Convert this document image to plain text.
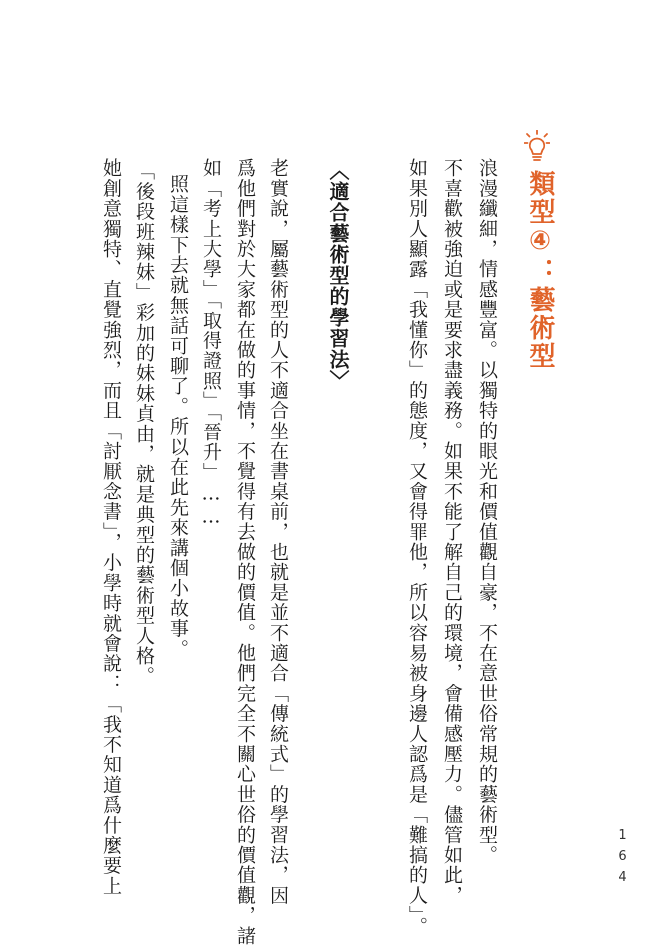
類型④：藝術型
浪漫纖細，情感豐富。以獨特的眼光和價值觀自豪，不在意世俗常規的藝術型。
不喜歡被強迫或是要求盡義務。如果不能了解自己的環境，會備感壓力。儘管如此，
如果別人顯露「我懂你」的態度，又會得罪他，所以容易被身邊人認爲是「難搞的人」。
〈適合藝術型的學習法〉
老實說，屬藝術型的人不適合坐在書桌前，也就是並不適合「傳統式」的學習法，因
爲他們對於大家都在做的事情，不覺得有去做的價值。他們完全不關心世俗的價值觀，諸
如「考上大學」「取得證照」「晉升」……
照這樣下去就無話可聊了。所以在此先來講個小故事。
「後段班辣妹」彩加的妹妹貞由，就是典型的藝術型人格。
她創意獨特、直覺強烈，而且「討厭念書」，小學時就會說：「我不知道爲什麼要上	164
